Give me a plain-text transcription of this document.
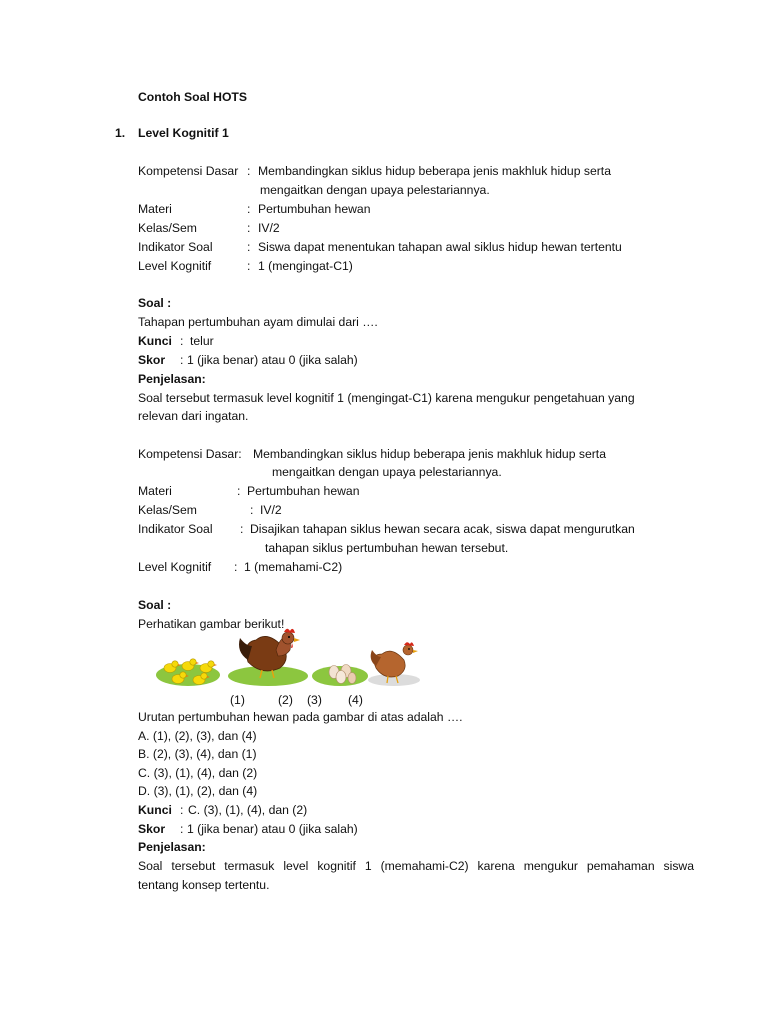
Contoh Soal HOTS
1. Level Kognitif 1
Kompetensi Dasar : Membandingkan siklus hidup beberapa jenis makhluk hidup serta
mengaitkan dengan upaya pelestariannya.
Materi	: Pertumbuhan hewan
Kelas/Sem	: IV/2
Indikator Soal	: Siswa dapat menentukan tahapan awal siklus hidup hewan tertentu
Level Kognitif	: 1 (mengingat-C1)
Soal :
Tahapan pertumbuhan ayam dimulai dari ….
Kunci : telur
Skor : 1 (jika benar) atau 0 (jika salah)
Penjelasan:
Soal tersebut termasuk level kognitif 1 (mengingat-C1) karena mengukur pengetahuan yang
relevan dari ingatan.
Kompetensi Dasar: Membandingkan siklus hidup beberapa jenis makhluk hidup serta
mengaitkan dengan upaya pelestariannya.
Materi	: Pertumbuhan hewan
Kelas/Sem	: IV/2
Indikator Soal : Disajikan tahapan siklus hewan secara acak, siswa dapat mengurutkan
tahapan siklus pertumbuhan hewan tersebut.
Level Kognitif : 1 (memahami-C2)
Soal :
Perhatikan gambar berikut!
(1)	(2) (3) (4)
Urutan pertumbuhan hewan pada gambar di atas adalah ….
A. (1), (2), (3), dan (4)
B. (2), (3), (4), dan (1)
C. (3), (1), (4), dan (2)
D. (3), (1), (2), dan (4)
Kunci : C. (3), (1), (4), dan (2)
Skor : 1 (jika benar) atau 0 (jika salah)
Penjelasan:
Soal tersebut termasuk level kognitif 1 (memahami-C2) karena mengukur pemahaman siswa
tentang konsep tertentu.
